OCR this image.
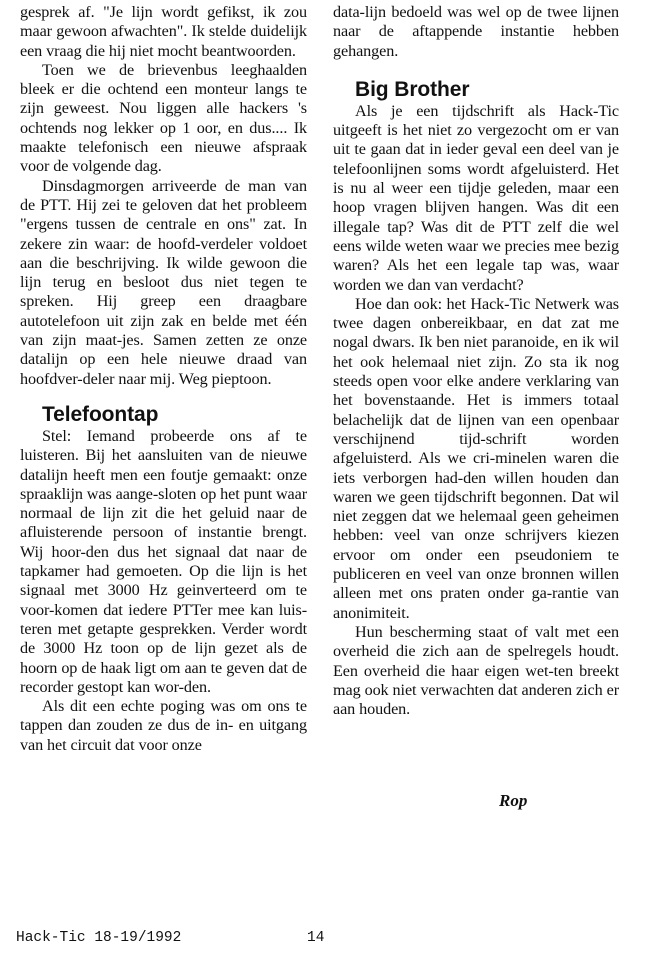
gesprek af. "Je lijn wordt gefikst, ik zou maar gewoon afwachten". Ik stelde duidelijk een vraag die hij niet mocht beantwoorden.

Toen we de brievenbus leeghaalden bleek er die ochtend een monteur langs te zijn geweest. Nou liggen alle hackers 's ochtends nog lekker op 1 oor, en dus.... Ik maakte telefonisch een nieuwe afspraak voor de volgende dag.

Dinsdagmorgen arriveerde de man van de PTT. Hij zei te geloven dat het probleem "ergens tussen de centrale en ons" zat. In zekere zin waar: de hoofd-verdeler voldoet aan die beschrijving. Ik wilde gewoon die lijn terug en besloot dus niet tegen te spreken. Hij greep een draagbare autotelefoon uit zijn zak en belde met één van zijn maat-jes. Samen zetten ze onze datalijn op een hele nieuwe draad van hoofdver-deler naar mij. Weg pieptoon.

Telefoontap

Stel: Iemand probeerde ons af te luisteren. Bij het aansluiten van de nieuwe datalijn heeft men een foutje gemaakt: onze spraaklijn was aange-sloten op het punt waar normaal de lijn zit die het geluid naar de afluisterende persoon of instantie brengt. Wij hoor-den dus het signaal dat naar de tapkamer had gemoeten. Op die lijn is het signaal met 3000 Hz geinverteerd om te voor-komen dat iedere PTTer mee kan luis-teren met getapte gesprekken. Verder wordt de 3000 Hz toon op de lijn gezet als de hoorn op de haak ligt om aan te geven dat de recorder gestopt kan wor-den.

Als dit een echte poging was om ons te tappen dan zouden ze dus de in- en uitgang van het circuit dat voor onze

data-lijn bedoeld was wel op de twee lijnen naar de aftappende instantie hebben gehangen.

Big Brother

Als je een tijdschrift als Hack-Tic uitgeeft is het niet zo vergezocht om er van uit te gaan dat in ieder geval een deel van je telefoonlijnen soms wordt afgeluisterd. Het is nu al weer een tijdje geleden, maar een hoop vragen blijven hangen. Was dit een illegale tap? Was dit de PTT zelf die wel eens wilde weten waar we precies mee bezig waren? Als het een legale tap was, waar worden we dan van verdacht?

Hoe dan ook: het Hack-Tic Netwerk was twee dagen onbereikbaar, en dat zat me nogal dwars. Ik ben niet paranoide, en ik wil het ook helemaal niet zijn. Zo sta ik nog steeds open voor elke andere verklaring van het bovenstaande. Het is immers totaal belachelijk dat de lijnen van een openbaar verschijnend tijd-schrift worden afgeluisterd. Als we cri-minelen waren die iets verborgen had-den willen houden dan waren we geen tijdschrift begonnen. Dat wil niet zeggen dat we helemaal geen geheimen hebben: veel van onze schrijvers kiezen ervoor om onder een pseudoniem te publiceren en veel van onze bronnen willen alleen met ons praten onder ga-rantie van anonimiteit.

Hun bescherming staat of valt met een overheid die zich aan de spelregels houdt. Een overheid die haar eigen wet-ten breekt mag ook niet verwachten dat anderen zich er aan houden.

Rop
Hack-Tic 18-19/1992	14
